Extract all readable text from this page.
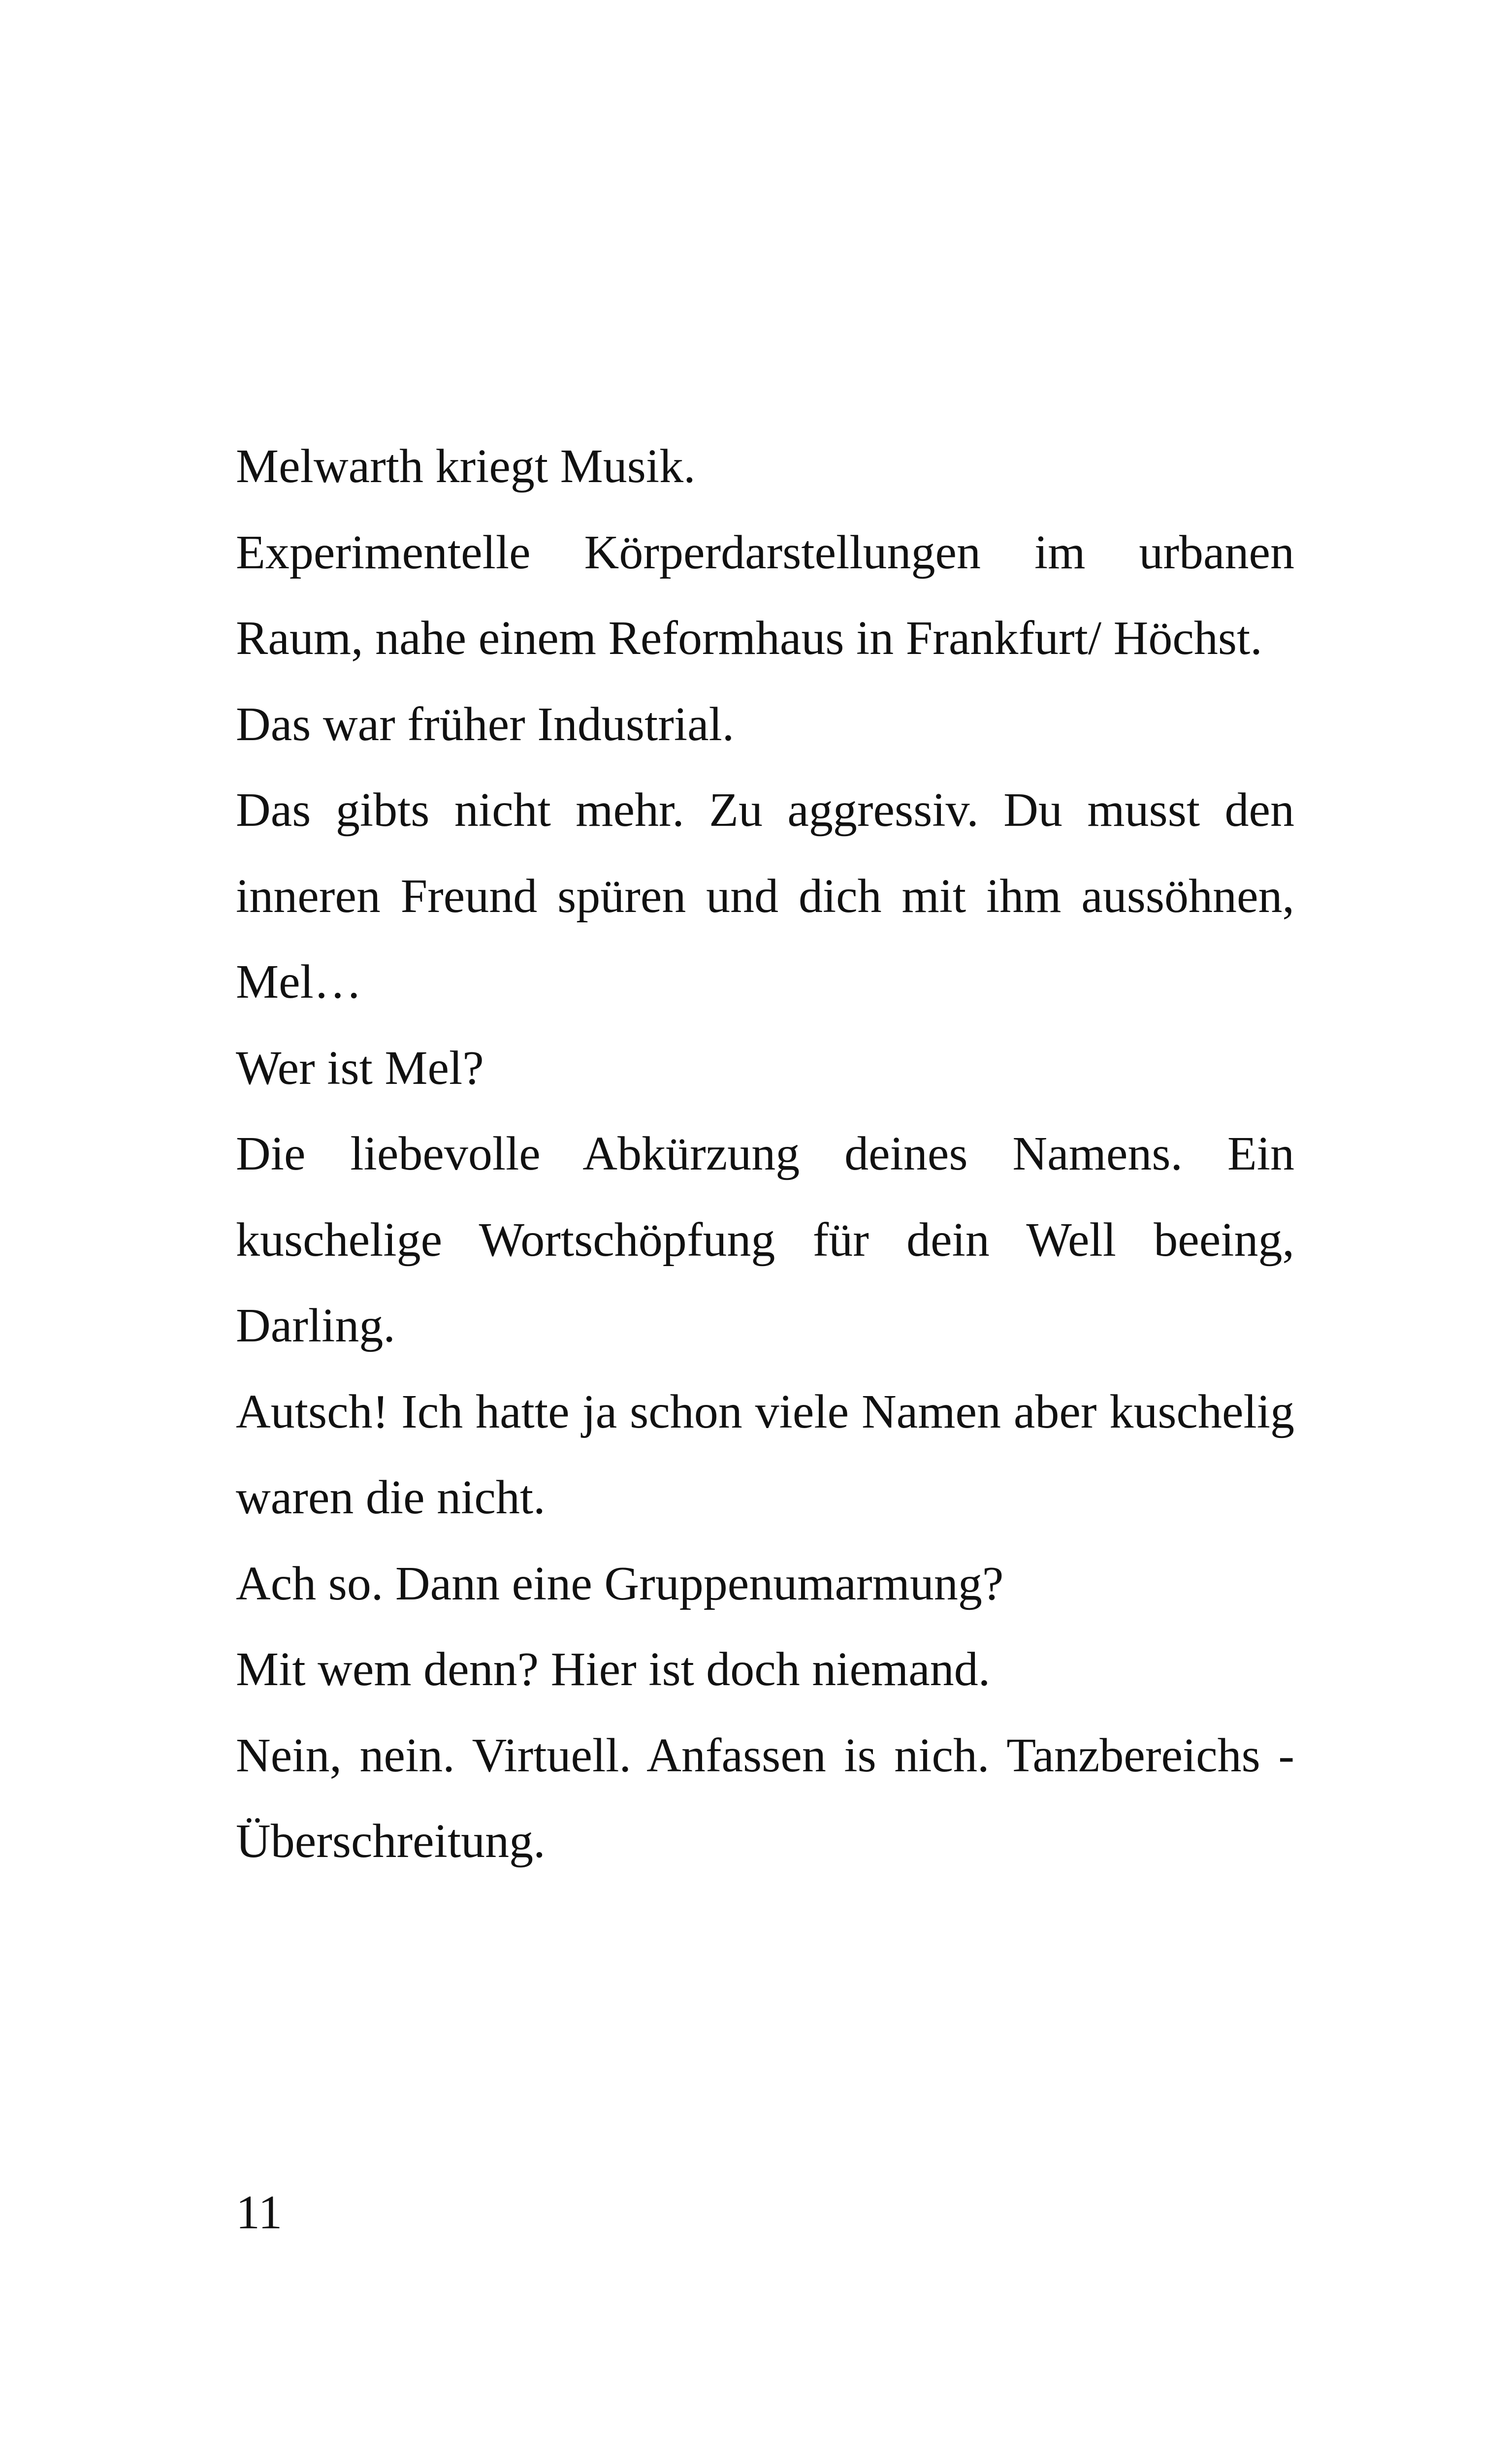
Melwarth kriegt Musik.

Experimentelle Körperdarstellungen im urbanen Raum, nahe einem Reformhaus in Frankfurt/ Höchst.

Das war früher Industrial.

Das gibts nicht mehr. Zu aggressiv. Du musst den inneren Freund spüren und dich mit ihm aussöhnen, Mel…

Wer ist Mel?

Die liebevolle Abkürzung deines Namens. Ein kuschelige Wortschöpfung für dein Well beeing, Darling.

Autsch! Ich hatte ja schon viele Namen aber kuschelig waren die nicht.

Ach so. Dann eine Gruppenumarmung?

Mit wem denn? Hier ist doch niemand.

Nein, nein. Virtuell. Anfassen is nich. Tanzbereichs - Überschreitung.

11
